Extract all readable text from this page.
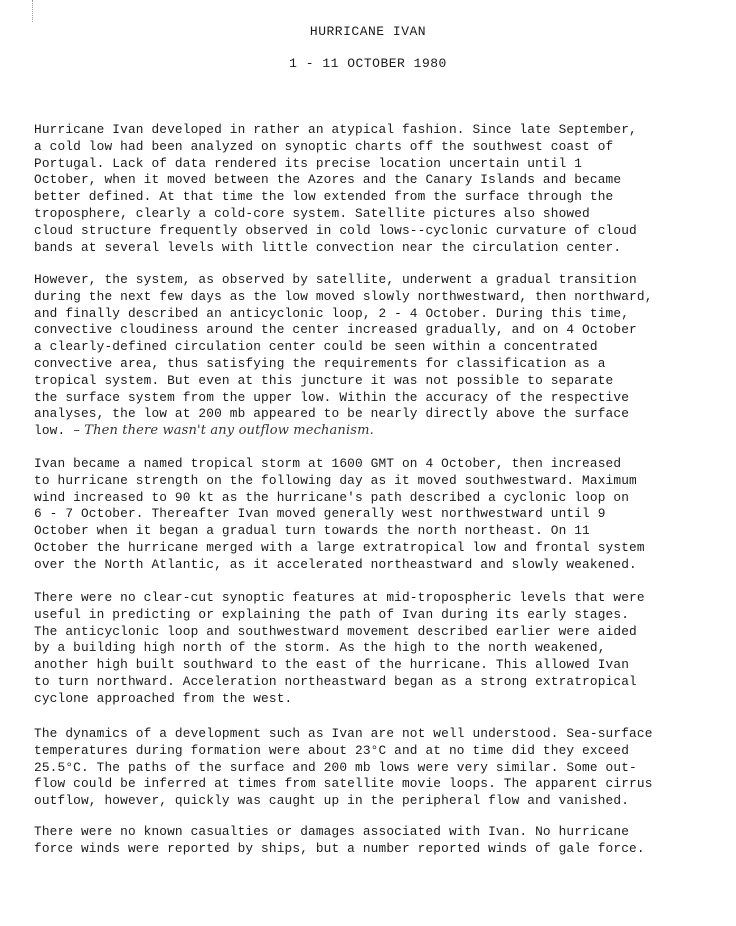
HURRICANE IVAN
1 - 11 OCTOBER 1980
Hurricane Ivan developed in rather an atypical fashion. Since late September,
a cold low had been analyzed on synoptic charts off the southwest coast of
Portugal. Lack of data rendered its precise location uncertain until 1
October, when it moved between the Azores and the Canary Islands and became
better defined. At that time the low extended from the surface through the
troposphere, clearly a cold-core system. Satellite pictures also showed
cloud structure frequently observed in cold lows--cyclonic curvature of cloud
bands at several levels with little convection near the circulation center.
However, the system, as observed by satellite, underwent a gradual transition
during the next few days as the low moved slowly northwestward, then northward,
and finally described an anticyclonic loop, 2 - 4 October. During this time,
convective cloudiness around the center increased gradually, and on 4 October
a clearly-defined circulation center could be seen within a concentrated
convective area, thus satisfying the requirements for classification as a
tropical system. But even at this juncture it was not possible to separate
the surface system from the upper low. Within the accuracy of the respective
analyses, the low at 200 mb appeared to be nearly directly above the surface
low. – Then there wasn't any outflow mechanism.
Ivan became a named tropical storm at 1600 GMT on 4 October, then increased
to hurricane strength on the following day as it moved southwestward. Maximum
wind increased to 90 kt as the hurricane's path described a cyclonic loop on
6 - 7 October. Thereafter Ivan moved generally west northwestward until 9
October when it began a gradual turn towards the north northeast. On 11
October the hurricane merged with a large extratropical low and frontal system
over the North Atlantic, as it accelerated northeastward and slowly weakened.
There were no clear-cut synoptic features at mid-tropospheric levels that were
useful in predicting or explaining the path of Ivan during its early stages.
The anticyclonic loop and southwestward movement described earlier were aided
by a building high north of the storm. As the high to the north weakened,
another high built southward to the east of the hurricane. This allowed Ivan
to turn northward. Acceleration northeastward began as a strong extratropical
cyclone approached from the west.
The dynamics of a development such as Ivan are not well understood. Sea-surface
temperatures during formation were about 23°C and at no time did they exceed
25.5°C. The paths of the surface and 200 mb lows were very similar. Some out-
flow could be inferred at times from satellite movie loops. The apparent cirrus
outflow, however, quickly was caught up in the peripheral flow and vanished.
There were no known casualties or damages associated with Ivan. No hurricane
force winds were reported by ships, but a number reported winds of gale force.
